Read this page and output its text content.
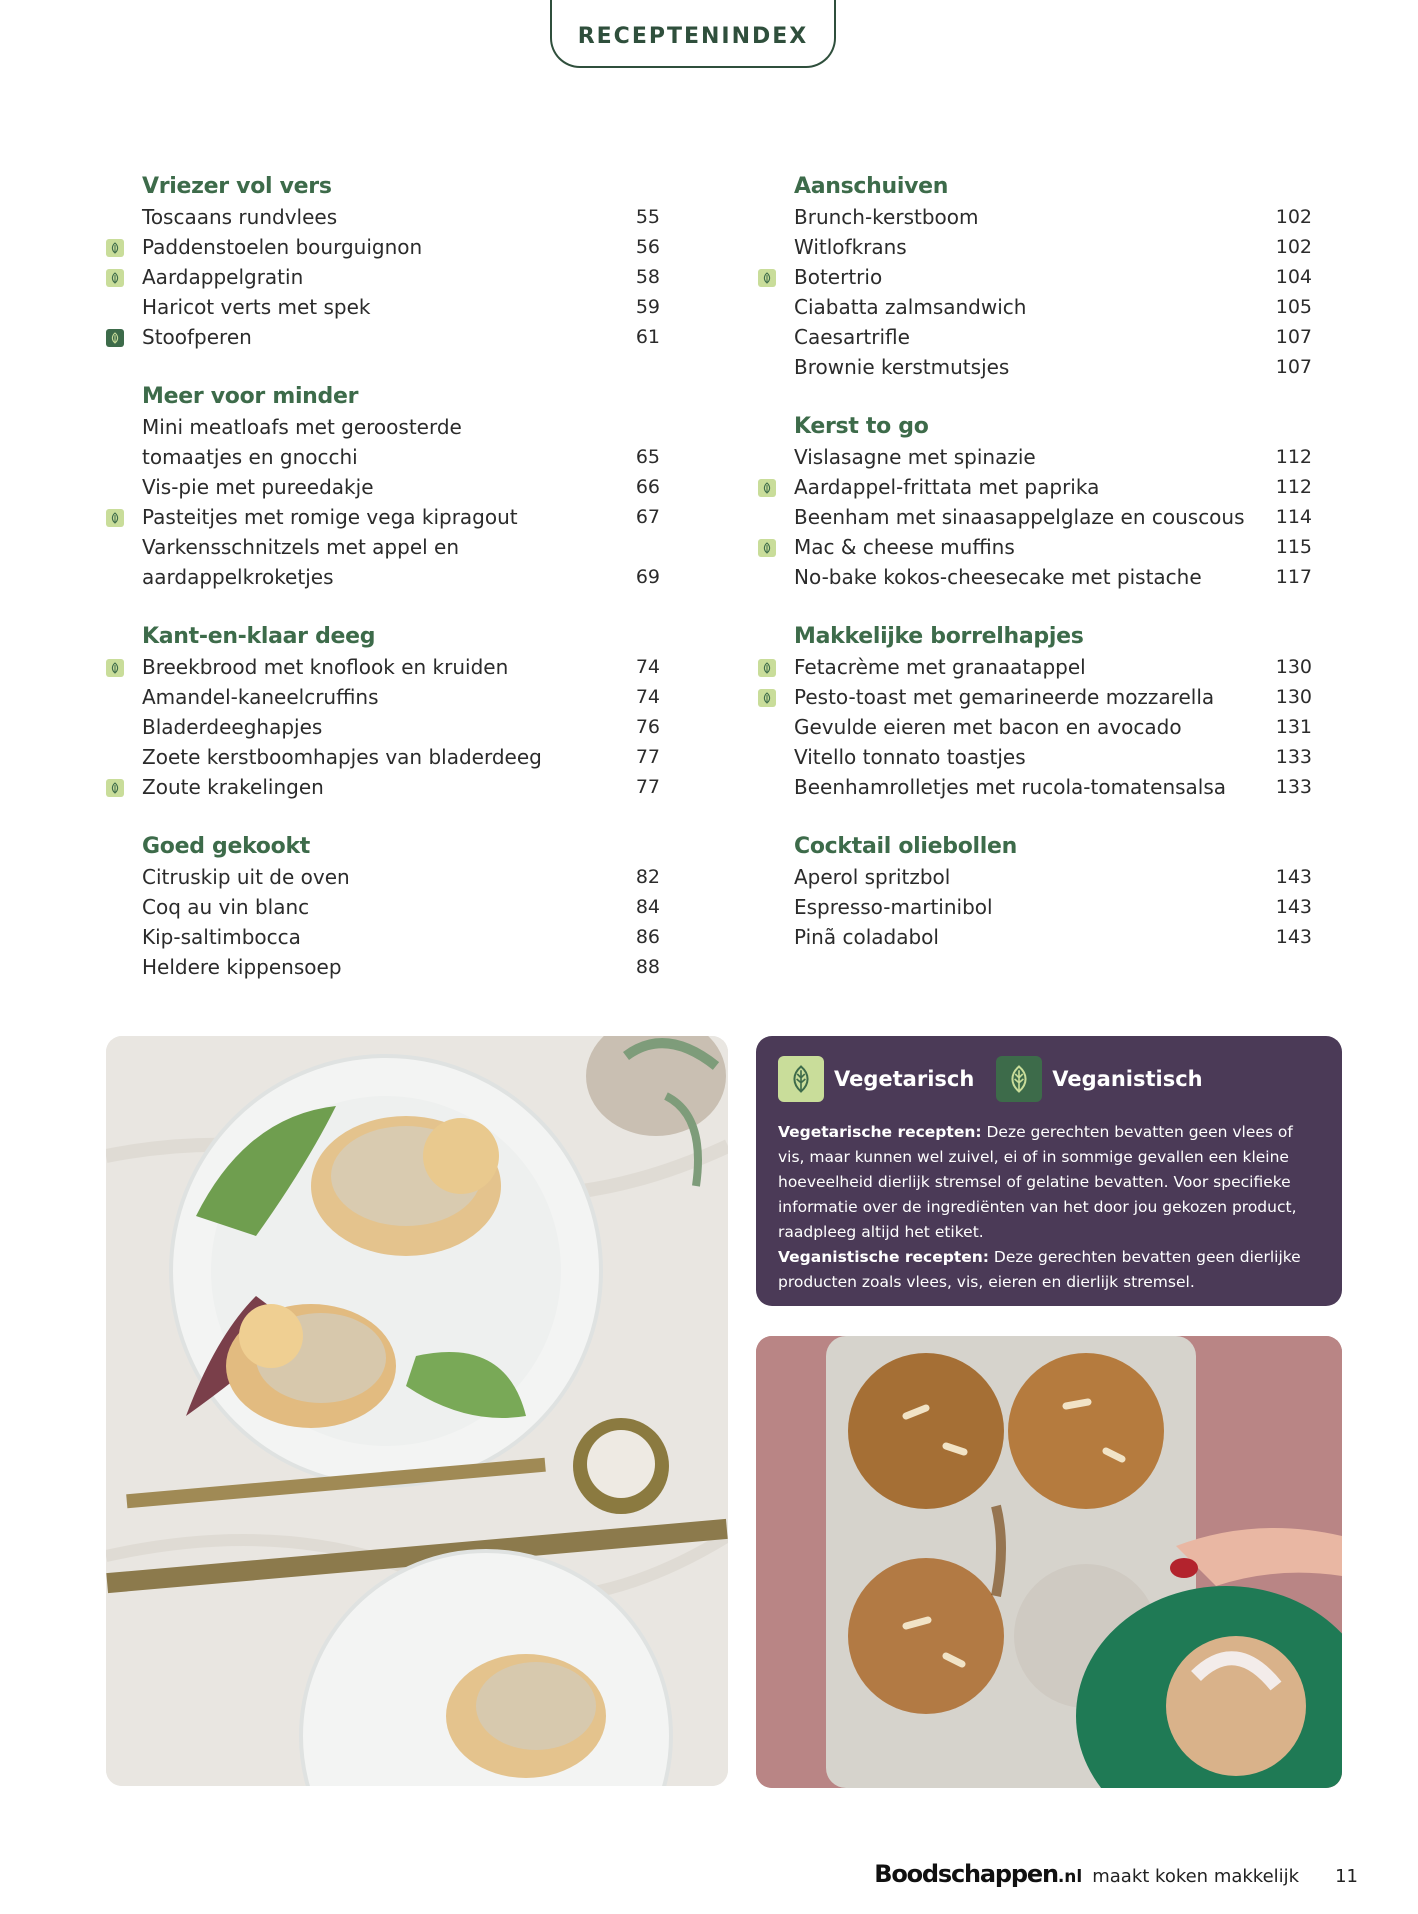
RECEPTENINDEX
Vriezer vol vers
Toscaans rundvlees	55
Paddenstoelen bourguignon	56
Aardappelgratin	58
Haricot verts met spek	59
Stoofperen	61
Meer voor minder
Mini meatloafs met geroosterde
tomaatjes en gnocchi	65
Vis-pie met pureedakje	66
Pasteitjes met romige vega kipragout	67
Varkensschnitzels met appel en
aardappelkroketjes	69
Kant-en-klaar deeg
Breekbrood met knoflook en kruiden	74
Amandel-kaneelcruffins	74
Bladerdeeghapjes	76
Zoete kerstboomhapjes van bladerdeeg	77
Zoute krakelingen	77
Goed gekookt
Citruskip uit de oven	82
Coq au vin blanc	84
Kip-saltimbocca	86
Heldere kippensoep	88
Aanschuiven
Brunch-kerstboom	102
Witlofkrans	102
Botertrio	104
Ciabatta zalmsandwich	105
Caesartrifle	107
Brownie kerstmutsjes	107
Kerst to go
Vislasagne met spinazie	112
Aardappel-frittata met paprika	112
Beenham met sinaasappelglaze en couscous	114
Mac & cheese muffins	115
No-bake kokos-cheesecake met pistache	117
Makkelijke borrelhapjes
Fetacrème met granaatappel	130
Pesto-toast met gemarineerde mozzarella	130
Gevulde eieren met bacon en avocado	131
Vitello tonnato toastjes	133
Beenhamrolletjes met rucola-tomatensalsa	133
Cocktail oliebollen
Aperol spritzbol	143
Espresso-martinibol	143
Pinã coladabol	143
Vegetarisch	Veganistisch
Vegetarische recepten: Deze gerechten bevatten geen vlees of vis, maar kunnen wel zuivel, ei of in sommige gevallen een kleine hoeveelheid dierlijk stremsel of gelatine bevatten. Voor specifieke informatie over de ingrediënten van het door jou gekozen product, raadpleeg altijd het etiket.
Veganistische recepten: Deze gerechten bevatten geen dierlijke producten zoals vlees, vis, eieren en dierlijk stremsel.
Boodschappen.nl maakt koken makkelijk 11
